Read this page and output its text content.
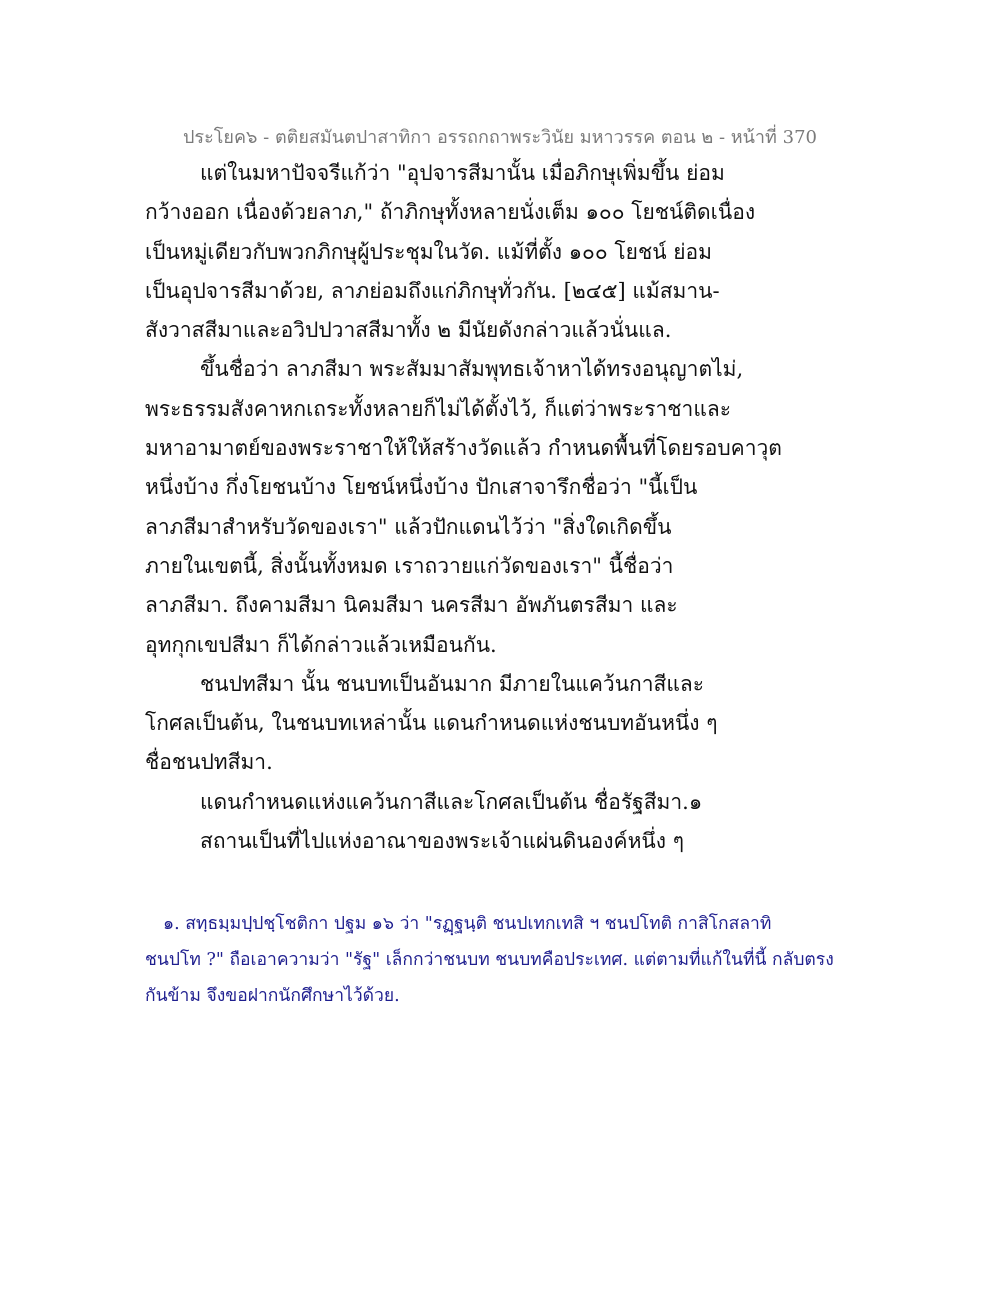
ประโยค๖ - ตติยสมันตปาสาทิกา อรรถกถาพระวินัย มหาวรรค ตอน ๒ - หน้าที่ 370
แต่ในมหาปัจจรีแก้ว่า "อุปจารสีมานั้น เมื่อภิกษุเพิ่มขึ้น ย่อม
กว้างออก เนื่องด้วยลาภ," ถ้าภิกษุทั้งหลายนั่งเต็ม ๑๐๐ โยชน์ติดเนื่อง
เป็นหมู่เดียวกับพวกภิกษุผู้ประชุมในวัด. แม้ที่ตั้ง ๑๐๐ โยชน์ ย่อม
เป็นอุปจารสีมาด้วย, ลาภย่อมถึงแก่ภิกษุทั่วกัน. [๒๔๕] แม้สมาน-
สังวาสสีมาและอวิปปวาสสีมาทั้ง ๒ มีนัยดังกล่าวแล้วนั่นแล.
ขึ้นชื่อว่า ลาภสีมา พระสัมมาสัมพุทธเจ้าหาได้ทรงอนุญาตไม่,
พระธรรมสังคาหกเถระทั้งหลายก็ไม่ได้ตั้งไว้, ก็แต่ว่าพระราชาและ
มหาอามาตย์ของพระราชาให้ให้สร้างวัดแล้ว กำหนดพื้นที่โดยรอบคาวุต
หนึ่งบ้าง กึ่งโยชนบ้าง โยชน์หนึ่งบ้าง ปักเสาจารึกชื่อว่า "นี้เป็น
ลาภสีมาสำหรับวัดของเรา" แล้วปักแดนไว้ว่า "สิ่งใดเกิดขึ้น
ภายในเขตนี้, สิ่งนั้นทั้งหมด เราถวายแก่วัดของเรา" นี้ชื่อว่า
ลาภสีมา. ถึงคามสีมา นิคมสีมา นครสีมา อัพภันตรสีมา และ
อุทกุกเขปสีมา ก็ได้กล่าวแล้วเหมือนกัน.
ชนปทสีมา นั้น ชนบทเป็นอันมาก มีภายในแคว้นกาสีและ
โกศลเป็นต้น, ในชนบทเหล่านั้น แดนกำหนดแห่งชนบทอันหนึ่ง ๆ
ชื่อชนปทสีมา.
แดนกำหนดแห่งแคว้นกาสีและโกศลเป็นต้น ชื่อรัฐสีมา.๑
สถานเป็นที่ไปแห่งอาณาของพระเจ้าแผ่นดินองค์หนึ่ง ๆ
๑. สทฺธมฺมปฺปชฺโชติกา ปฐม ๑๖ ว่า "รฏฺฐนฺติ ชนปเทกเทสิ ฯ ชนปโทติ กาสิโกสลาทิ
ชนปโท ?" ถือเอาความว่า "รัฐ" เล็กกว่าชนบท ชนบทคือประเทศ. แต่ตามที่แก้ในที่นี้ กลับตรง
กันข้าม จึงขอฝากนักศึกษาไว้ด้วย.
